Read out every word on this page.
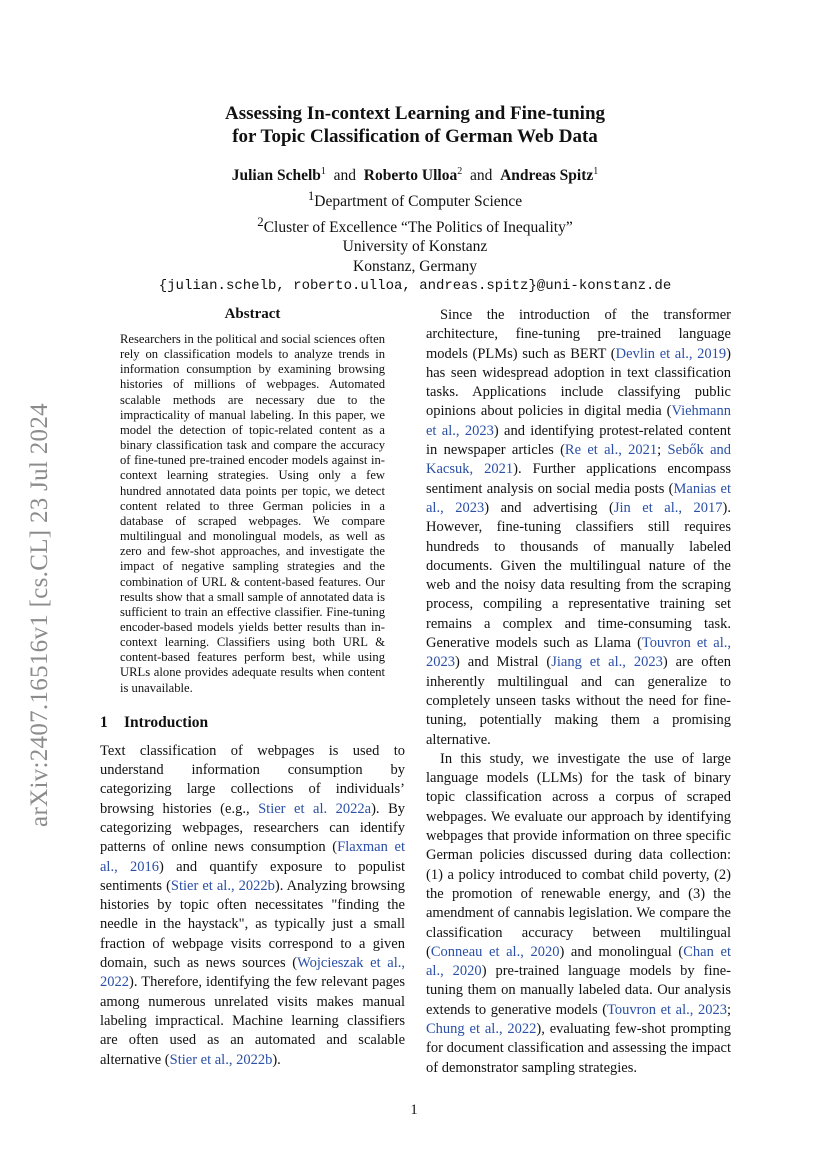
arXiv:2407.16516v1 [cs.CL] 23 Jul 2024
Assessing In-context Learning and Fine-tuning
for Topic Classification of German Web Data
Julian Schelb$^1$ and Roberto Ulloa$^2$ and Andreas Spitz$^1$
$^1$Department of Computer Science
$^2$Cluster of Excellence “The Politics of Inequality”
University of Konstanz
Konstanz, Germany
{julian.schelb, roberto.ulloa, andreas.spitz}@uni-konstanz.de
Abstract

Researchers in the political and social sciences often rely on classification models to analyze trends in information consumption by examining browsing histories of millions of webpages. Automated scalable methods are necessary due to the impracticality of manual labeling. In this paper, we model the detection of topic-related content as a binary classification task and compare the accuracy of fine-tuned pre-trained encoder models against in-context learning strategies. Using only a few hundred annotated data points per topic, we detect content related to three German policies in a database of scraped webpages. We compare multilingual and monolingual models, as well as zero and few-shot approaches, and investigate the impact of negative sampling strategies and the combination of URL & content-based features. Our results show that a small sample of annotated data is sufficient to train an effective classifier. Fine-tuning encoder-based models yields better results than in-context learning. Classifiers using both URL & content-based features perform best, while using URLs alone provides adequate results when content is unavailable.

1 Introduction

Text classification of webpages is used to understand information consumption by categorizing large collections of individuals’ browsing histories (e.g., Stier et al. 2022a). By categorizing webpages, researchers can identify patterns of online news consumption (Flaxman et al., 2016) and quantify exposure to populist sentiments (Stier et al., 2022b). Analyzing browsing histories by topic often necessitates "finding the needle in the haystack", as typically just a small fraction of webpage visits correspond to a given domain, such as news sources (Wojcieszak et al., 2022). Therefore, identifying the few relevant pages among numerous unrelated visits makes manual labeling impractical. Machine learning classifiers are often used as an automated and scalable alternative (Stier et al., 2022b).

Since the introduction of the transformer architecture, fine-tuning pre-trained language models (PLMs) such as BERT (Devlin et al., 2019) has seen widespread adoption in text classification tasks. Applications include classifying public opinions about policies in digital media (Viehmann et al., 2023) and identifying protest-related content in newspaper articles (Re et al., 2021; Sebők and Kacsuk, 2021). Further applications encompass sentiment analysis on social media posts (Manias et al., 2023) and advertising (Jin et al., 2017). However, fine-tuning classifiers still requires hundreds to thousands of manually labeled documents. Given the multilingual nature of the web and the noisy data resulting from the scraping process, compiling a representative training set remains a complex and time-consuming task. Generative models such as Llama (Touvron et al., 2023) and Mistral (Jiang et al., 2023) are often inherently multilingual and can generalize to completely unseen tasks without the need for fine-tuning, potentially making them a promising alternative.

In this study, we investigate the use of large language models (LLMs) for the task of binary topic classification across a corpus of scraped webpages. We evaluate our approach by identifying webpages that provide information on three specific German policies discussed during data collection: (1) a policy introduced to combat child poverty, (2) the promotion of renewable energy, and (3) the amendment of cannabis legislation. We compare the classification accuracy between multilingual (Conneau et al., 2020) and monolingual (Chan et al., 2020) pre-trained language models by fine-tuning them on manually labeled data. Our analysis extends to generative models (Touvron et al., 2023; Chung et al., 2022), evaluating few-shot prompting for document classification and assessing the impact of demonstrator sampling strategies.

1
